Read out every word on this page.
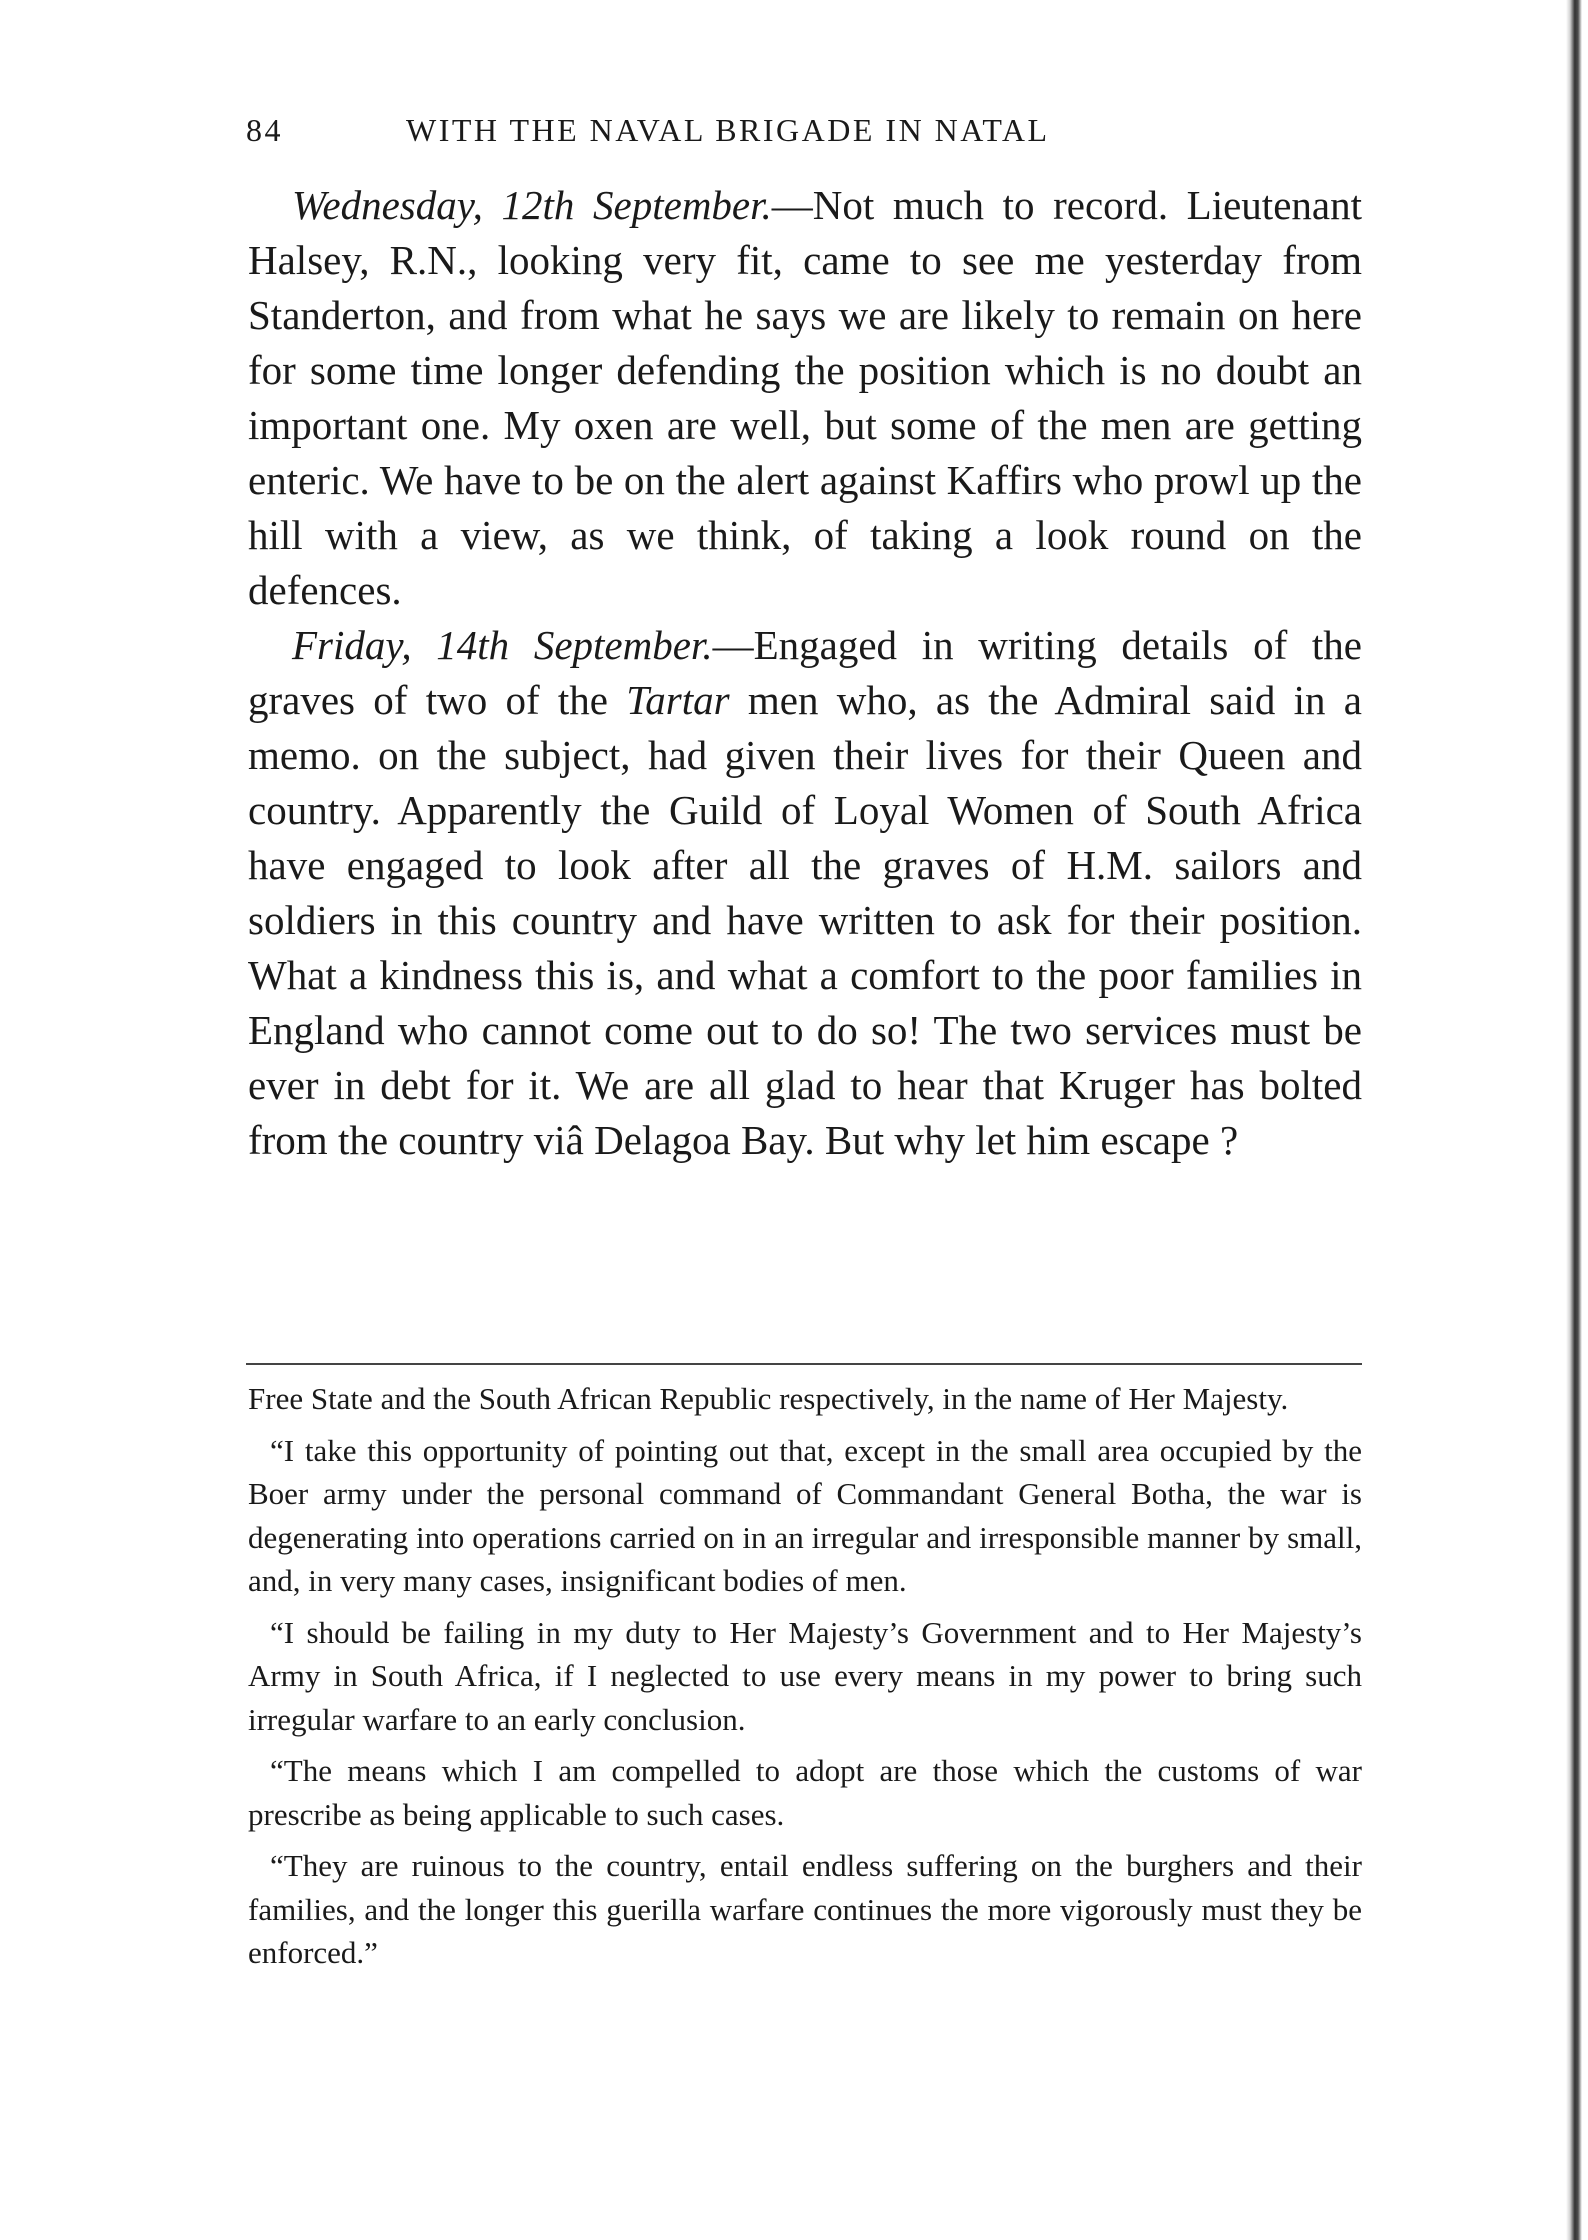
84	WITH THE NAVAL BRIGADE IN NATAL

Wednesday, 12th September.—Not much to record. Lieutenant Halsey, R.N., looking very fit, came to see me yesterday from Standerton, and from what he says we are likely to remain on here for some time longer defending the position which is no doubt an important one. My oxen are well, but some of the men are getting enteric. We have to be on the alert against Kaffirs who prowl up the hill with a view, as we think, of taking a look round on the defences.

Friday, 14th September.—Engaged in writing details of the graves of two of the Tartar men who, as the Admiral said in a memo. on the subject, had given their lives for their Queen and country. Apparently the Guild of Loyal Women of South Africa have engaged to look after all the graves of H.M. sailors and soldiers in this country and have written to ask for their position. What a kindness this is, and what a comfort to the poor families in England who cannot come out to do so! The two services must be ever in debt for it. We are all glad to hear that Kruger has bolted from the country viâ Delagoa Bay. But why let him escape ?

Free State and the South African Republic respectively, in the name of Her Majesty.

“I take this opportunity of pointing out that, except in the small area occupied by the Boer army under the personal command of Commandant General Botha, the war is degenerating into operations carried on in an irregular and irresponsible manner by small, and, in very many cases, insignificant bodies of men.

“I should be failing in my duty to Her Majesty’s Government and to Her Majesty’s Army in South Africa, if I neglected to use every means in my power to bring such irregular warfare to an early conclusion.

“The means which I am compelled to adopt are those which the customs of war prescribe as being applicable to such cases.

“They are ruinous to the country, entail endless suffering on the burghers and their families, and the longer this guerilla warfare continues the more vigorously must they be enforced.”
